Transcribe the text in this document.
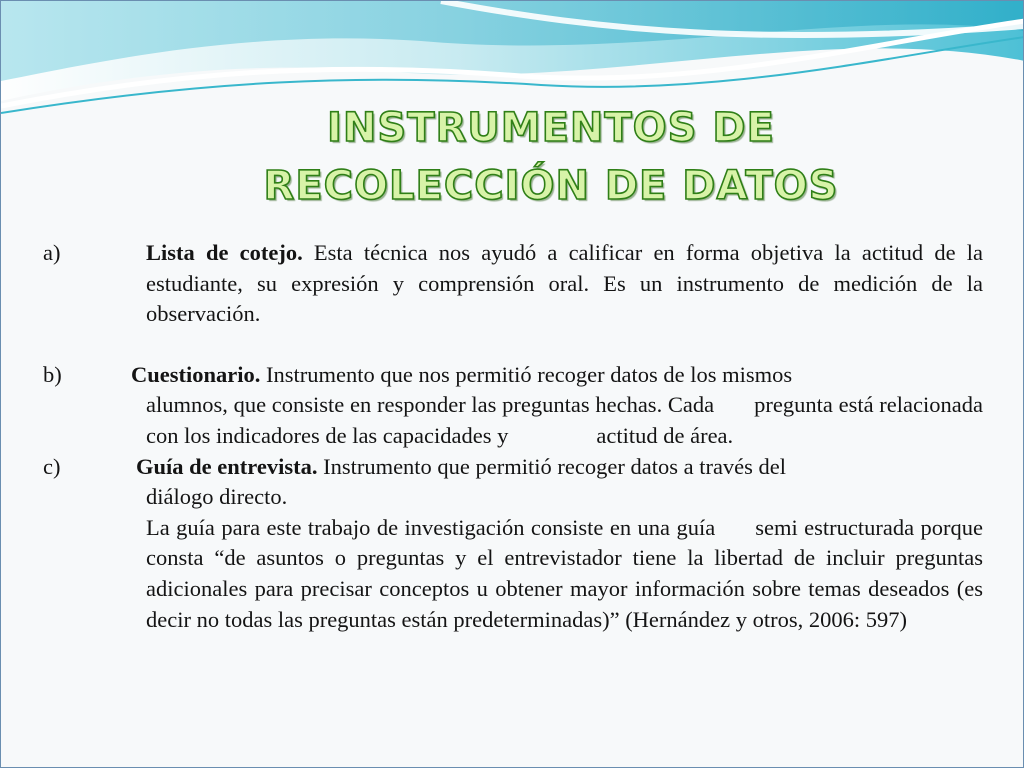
INSTRUMENTOS DE
RECOLECCIÓN DE DATOS
a)	Lista de cotejo. Esta técnica nos ayudó a calificar en forma objetiva la actitud de la estudiante, su expresión y comprensión oral. Es un instrumento de medición de la observación.
b)	Cuestionario. Instrumento que nos permitió recoger datos de los mismos
alumnos, que consiste en responder las preguntas hechas. Cada pregunta está relacionada con los indicadores de las capacidades y	actitud de área.
c)	Guía de entrevista. Instrumento que permitió recoger datos a través del
diálogo directo.
La guía para este trabajo de investigación consiste en una guía semi estructurada porque consta “de asuntos o preguntas y el entrevistador tiene la libertad de incluir preguntas adicionales para precisar conceptos u obtener mayor información sobre temas deseados (es decir no todas las preguntas están predeterminadas)” (Hernández y otros, 2006: 597)
